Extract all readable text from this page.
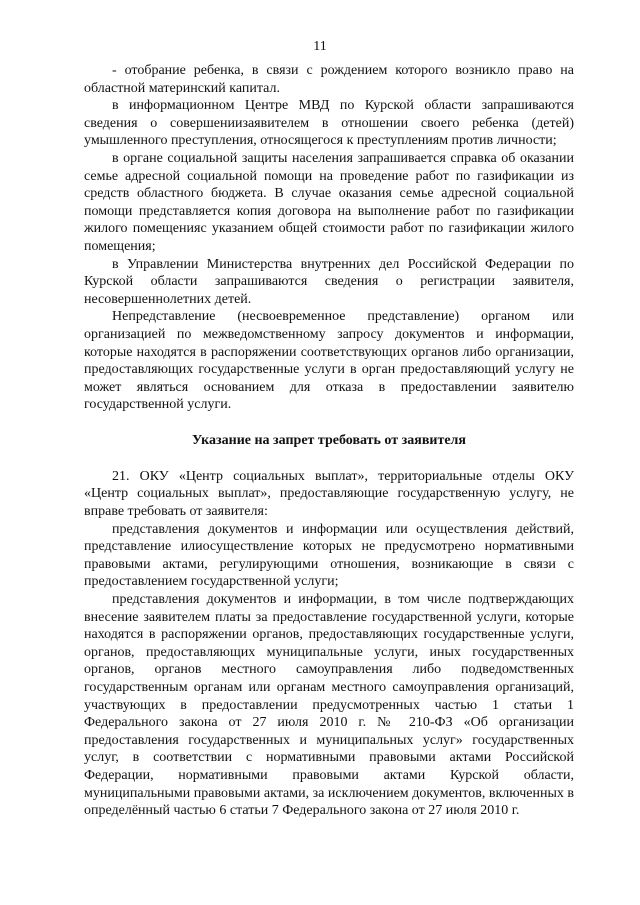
11

- отобрание ребенка, в связи с рождением которого возникло право на областной материнский капитал.

в информационном Центре МВД по Курской области запрашиваются сведения о совершениизаявителем в отношении своего ребенка (детей) умышленного преступления, относящегося к преступлениям против личности;

в органе социальной защиты населения запрашивается справка об оказании семье адресной социальной помощи на проведение работ по газификации из средств областного бюджета. В случае оказания семье адресной социальной помощи представляется копия договора на выполнение работ по газификации жилого помещенияс указанием общей стоимости работ по газификации жилого помещения;

в Управлении Министерства внутренних дел Российской Федерации по Курской области запрашиваются сведения о регистрации заявителя, несовершеннолетних детей.

Непредставление (несвоевременное представление) органом или организацией по межведомственному запросу документов и информации, которые находятся в распоряжении соответствующих органов либо организации, предоставляющих государственные услуги в орган предоставляющий услугу не может являться основанием для отказа в предоставлении заявителю государственной услуги.

Указание на запрет требовать от заявителя

21. ОКУ «Центр социальных выплат», территориальные отделы ОКУ «Центр социальных выплат», предоставляющие государственную услугу, не вправе требовать от заявителя:

представления документов и информации или осуществления действий, представление илиосуществление которых не предусмотрено нормативными правовыми актами, регулирующими отношения, возникающие в связи с предоставлением государственной услуги;

представления документов и информации, в том числе подтверждающих внесение заявителем платы за предоставление государственной услуги, которые находятся в распоряжении органов, предоставляющих государственные услуги, органов, предоставляющих муниципальные услуги, иных государственных органов, органов местного самоуправления либо подведомственных государственным органам или органам местного самоуправления организаций, участвующих в предоставлении предусмотренных частью 1 статьи 1 Федерального закона от 27 июля 2010 г. № 210-ФЗ «Об организации предоставления государственных и муниципальных услуг» государственных услуг, в соответствии с нормативными правовыми актами Российской Федерации, нормативными правовыми актами Курской области, муниципальными правовыми актами, за исключением документов, включенных в определённый частью 6 статьи 7 Федерального закона от 27 июля 2010 г.
